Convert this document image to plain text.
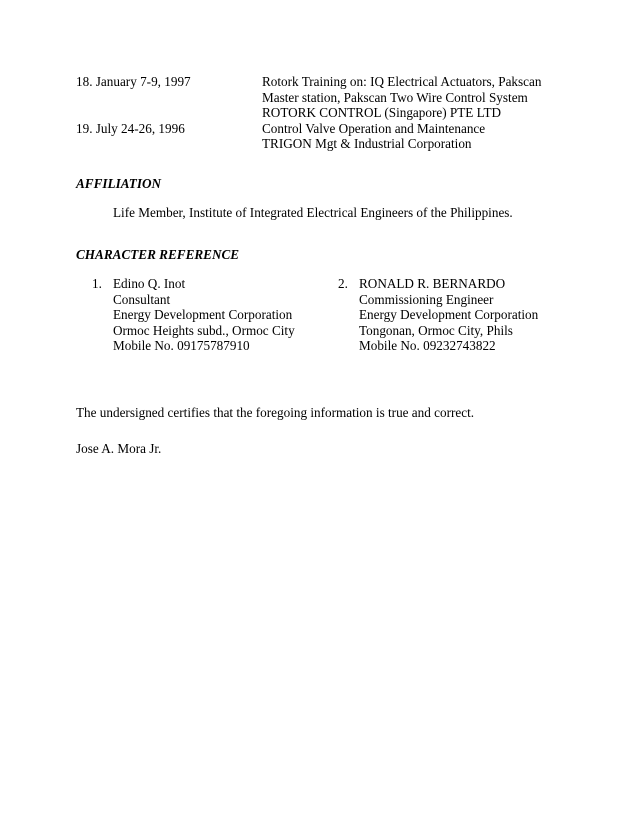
18. January 7-9, 1997	Rotork Training on: IQ Electrical Actuators, Pakscan
Master station, Pakscan Two Wire Control System
ROTORK CONTROL (Singapore) PTE LTD
19. July 24-26, 1996	Control Valve Operation and Maintenance
TRIGON Mgt & Industrial Corporation
AFFILIATION
Life Member, Institute of Integrated Electrical Engineers of the Philippines.
CHARACTER REFERENCE
1. Edino Q. Inot
Consultant
Energy Development Corporation
Ormoc Heights subd., Ormoc City
Mobile No. 09175787910
2. RONALD R. BERNARDO
Commissioning Engineer
Energy Development Corporation
Tongonan, Ormoc City, Phils
Mobile No. 09232743822
The undersigned certifies that the foregoing information is true and correct.
Jose A. Mora Jr.
